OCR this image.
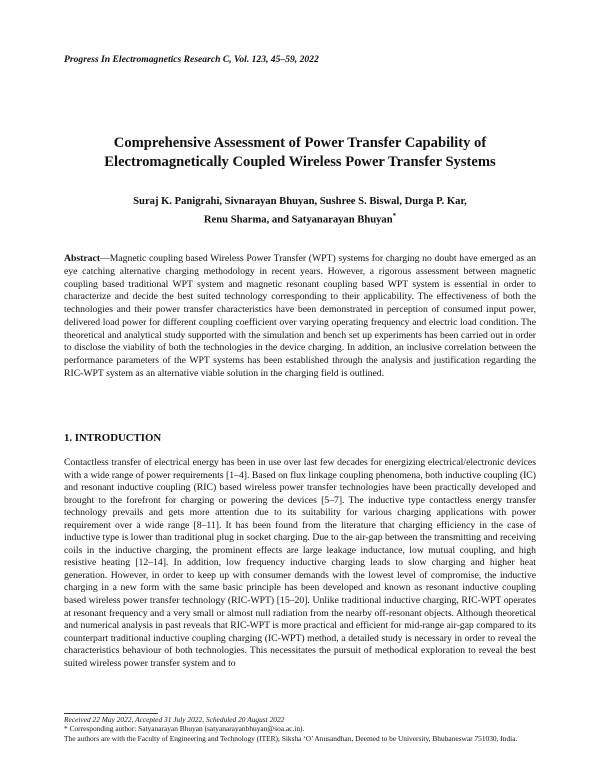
Progress In Electromagnetics Research C, Vol. 123, 45–59, 2022
Comprehensive Assessment of Power Transfer Capability of
Electromagnetically Coupled Wireless Power Transfer Systems
Suraj K. Panigrahi, Sivnarayan Bhuyan, Sushree S. Biswal, Durga P. Kar,
Renu Sharma, and Satyanarayan Bhuyan*
Abstract—Magnetic coupling based Wireless Power Transfer (WPT) systems for charging no doubt have emerged as an eye catching alternative charging methodology in recent years. However, a rigorous assessment between magnetic coupling based traditional WPT system and magnetic resonant coupling based WPT system is essential in order to characterize and decide the best suited technology corresponding to their applicability. The effectiveness of both the technologies and their power transfer characteristics have been demonstrated in perception of consumed input power, delivered load power for different coupling coefficient over varying operating frequency and electric load condition. The theoretical and analytical study supported with the simulation and bench set up experiments has been carried out in order to disclose the viability of both the technologies in the device charging. In addition, an inclusive correlation between the performance parameters of the WPT systems has been established through the analysis and justification regarding the RIC-WPT system as an alternative viable solution in the charging field is outlined.
1. INTRODUCTION
Contactless transfer of electrical energy has been in use over last few decades for energizing electrical/electronic devices with a wide range of power requirements [1–4]. Based on flux linkage coupling phenomena, both inductive coupling (IC) and resonant inductive coupling (RIC) based wireless power transfer technologies have been practically developed and brought to the forefront for charging or powering the devices [5–7]. The inductive type contactless energy transfer technology prevails and gets more attention due to its suitability for various charging applications with power requirement over a wide range [8–11]. It has been found from the literature that charging efficiency in the case of inductive type is lower than traditional plug in socket charging. Due to the air-gap between the transmitting and receiving coils in the inductive charging, the prominent effects are large leakage inductance, low mutual coupling, and high resistive heating [12–14]. In addition, low frequency inductive charging leads to slow charging and higher heat generation. However, in order to keep up with consumer demands with the lowest level of compromise, the inductive charging in a new form with the same basic principle has been developed and known as resonant inductive coupling based wireless power transfer technology (RIC-WPT) [15–20]. Unlike traditional inductive charging, RIC-WPT operates at resonant frequency and a very small or almost null radiation from the nearby off-resonant objects. Although theoretical and numerical analysis in past reveals that RIC-WPT is more practical and efficient for mid-range air-gap compared to its counterpart traditional inductive coupling charging (IC-WPT) method, a detailed study is necessary in order to reveal the characteristics behaviour of both technologies. This necessitates the pursuit of methodical exploration to reveal the best suited wireless power transfer system and to
Received 22 May 2022, Accepted 31 July 2022, Scheduled 20 August 2022
* Corresponding author: Satyanarayan Bhuyan (satyanarayanbhuyan@soa.ac.in).
The authors are with the Faculty of Engineering and Technology (ITER), Siksha ‘O’ Anusandhan, Deemed to be University, Bhubaneswar 751030, India.
